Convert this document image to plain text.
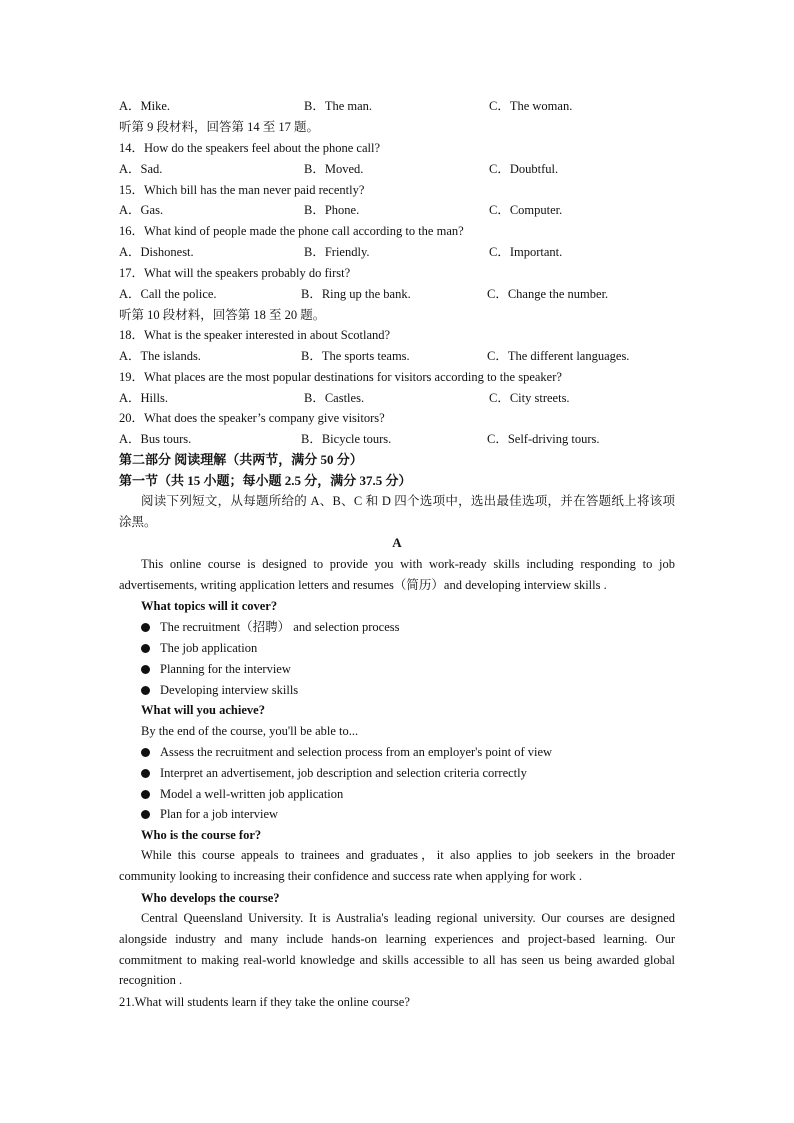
A．Mike.	B．The man.	C．The woman.
听第 9 段材料，回答第 14 至 17 题。
14．How do the speakers feel about the phone call?
A．Sad.	B．Moved.	C．Doubtful.
15．Which bill has the man never paid recently?
A．Gas.	B．Phone.	C．Computer.
16．What kind of people made the phone call according to the man?
A．Dishonest.	B．Friendly.	C．Important.
17．What will the speakers probably do first?
A．Call the police.	B．Ring up the bank.	C．Change the number.
听第 10 段材料，回答第 18 至 20 题。
18．What is the speaker interested in about Scotland?
A．The islands.	B．The sports teams.	C．The different languages.
19．What places are the most popular destinations for visitors according to the speaker?
A．Hills.	B．Castles.	C．City streets.
20．What does the speaker’s company give visitors?
A．Bus tours.	B．Bicycle tours.	C．Self-driving tours.
第二部分 阅读理解（共两节，满分 50 分）
第一节（共 15 小题；每小题 2.5 分，满分 37.5 分）
阅读下列短文，从每题所给的 A、B、C 和 D 四个选项中，选出最佳选项，并在答题纸上将该项涂黑。
A
This online course is designed to provide you with work-ready skills including responding to job advertisements, writing application letters and resumes（简历）and developing interview skills .
What topics will it cover?
The recruitment（招聘） and selection process
The job application
Planning for the interview
Developing interview skills
What will you achieve?
By the end of the course, you'll be able to...
Assess the recruitment and selection process from an employer's point of view
Interpret an advertisement, job description and selection criteria correctly
Model a well-written job application
Plan for a job interview
Who is the course for?
While this course appeals to trainees and graduates，it also applies to job seekers in the broader community looking to increasing their confidence and success rate when applying for work .
Who develops the course?
Central Queensland University. It is Australia's leading regional university. Our courses are designed alongside industry and many include hands-on learning experiences and project-based learning. Our commitment to making real-world knowledge and skills accessible to all has seen us being awarded global recognition .
21.What will students learn if they take the online course?
